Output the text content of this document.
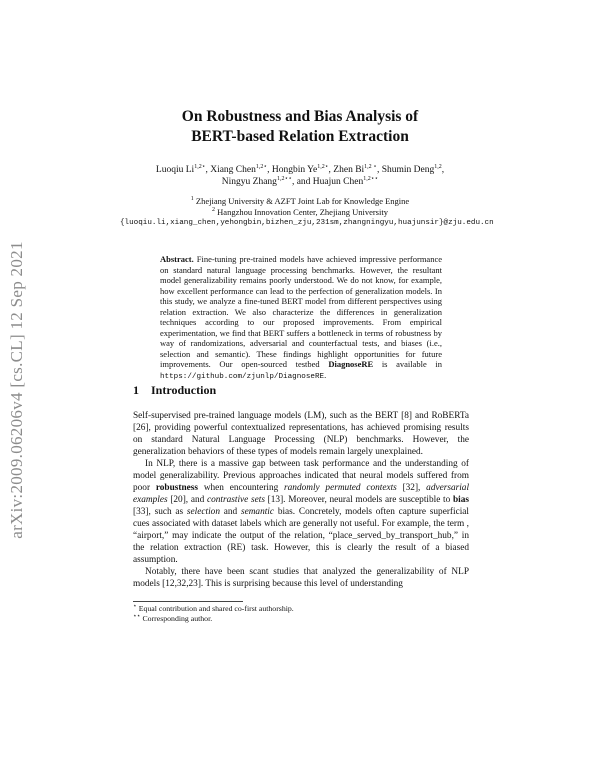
arXiv:2009.06206v4 [cs.CL] 12 Sep 2021
On Robustness and Bias Analysis of
BERT-based Relation Extraction
Luoqiu $Li^{1,2⋆}$, Xiang Chen$^{1,2⋆}$, Hongbin $Ye^{1,2⋆}$, Zhen $Bi^{1,2 ⋆}$, Shumin Deng$^{1,2}$,
Ningyu Zhang$^{1,2⋆⋆}$, and Huajun Chen$^{1,2⋆⋆}$
$^1$ Zhejiang University & AZFT Joint Lab for Knowledge Engine
$^2$ Hangzhou Innovation Center, Zhejiang University
{luoqiu.li,xiang_chen,yehongbin,bizhen_zju,231sm,zhangningyu,huajunsir}@zju.edu.cn
Abstract. Fine-tuning pre-trained models have achieved impressive performance on standard natural language processing benchmarks. However, the resultant model generalizability remains poorly understood. We do not know, for example, how excellent performance can lead to the perfection of generalization models. In this study, we analyze a fine-tuned BERT model from different perspectives using relation extraction. We also characterize the differences in generalization techniques according to our proposed improvements. From empirical experimentation, we find that BERT suffers a bottleneck in terms of robustness by way of randomizations, adversarial and counterfactual tests, and biases (i.e., selection and semantic). These findings highlight opportunities for future improvements. Our open-sourced testbed DiagnoseRE is available in https://github.com/zjunlp/DiagnoseRE.
1 Introduction

Self-supervised pre-trained language models (LM), such as the BERT [8] and RoBERTa [26], providing powerful contextualized representations, has achieved promising results on standard Natural Language Processing (NLP) benchmarks. However, the generalization behaviors of these types of models remain largely unexplained.

In NLP, there is a massive gap between task performance and the understanding of model generalizability. Previous approaches indicated that neural models suffered from poor robustness when encountering randomly permuted contexts [32], adversarial examples [20], and contrastive sets [13]. Moreover, neural models are susceptible to bias [33], such as selection and semantic bias. Concretely, models often capture superficial cues associated with dataset labels which are generally not useful. For example, the term , “airport,” may indicate the output of the relation, “place_served_by_transport_hub,” in the relation extraction (RE) task. However, this is clearly the result of a biased assumption.

Notably, there have been scant studies that analyzed the generalizability of NLP models [12,32,23]. This is surprising because this level of understanding

⋆ Equal contribution and shared co-first authorship.
⋆⋆ Corresponding author.
